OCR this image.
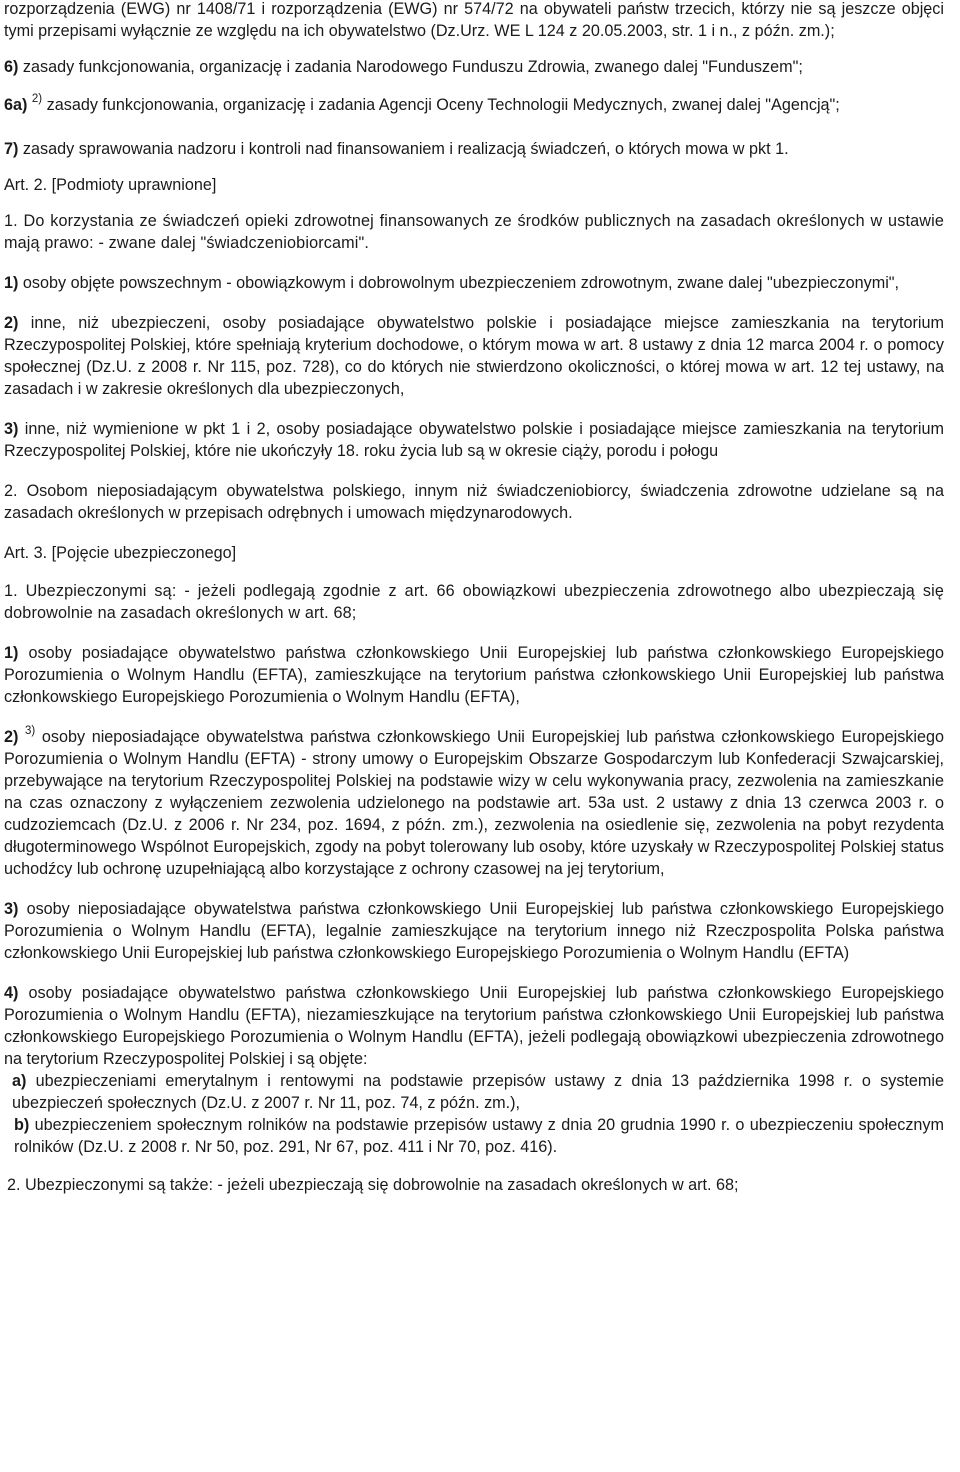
rozporządzenia (EWG) nr 1408/71 i rozporządzenia (EWG) nr 574/72 na obywateli państw trzecich, którzy nie są jeszcze objęci tymi przepisami wyłącznie ze względu na ich obywatelstwo (Dz.Urz. WE L 124 z 20.05.2003, str. 1 i n., z późn. zm.);

6) zasady funkcjonowania, organizację i zadania Narodowego Funduszu Zdrowia, zwanego dalej "Funduszem";

6a) $^{2)}$ zasady funkcjonowania, organizację i zadania Agencji Oceny Technologii Medycznych, zwanej dalej "Agencją";

7) zasady sprawowania nadzoru i kontroli nad finansowaniem i realizacją świadczeń, o których mowa w pkt 1.

Art. 2. [Podmioty uprawnione]

1. Do korzystania ze świadczeń opieki zdrowotnej finansowanych ze środków publicznych na zasadach określonych w ustawie mają prawo: - zwane dalej "świadczeniobiorcami".

1) osoby objęte powszechnym - obowiązkowym i dobrowolnym ubezpieczeniem zdrowotnym, zwane dalej "ubezpieczonymi",

2) inne, niż ubezpieczeni, osoby posiadające obywatelstwo polskie i posiadające miejsce zamieszkania na terytorium Rzeczypospolitej Polskiej, które spełniają kryterium dochodowe, o którym mowa w art. 8 ustawy z dnia 12 marca 2004 r. o pomocy społecznej (Dz.U. z 2008 r. Nr 115, poz. 728), co do których nie stwierdzono okoliczności, o której mowa w art. 12 tej ustawy, na zasadach i w zakresie określonych dla ubezpieczonych,

3) inne, niż wymienione w pkt 1 i 2, osoby posiadające obywatelstwo polskie i posiadające miejsce zamieszkania na terytorium Rzeczypospolitej Polskiej, które nie ukończyły 18. roku życia lub są w okresie ciąży, porodu i połogu

2. Osobom nieposiadającym obywatelstwa polskiego, innym niż świadczeniobiorcy, świadczenia zdrowotne udzielane są na zasadach określonych w przepisach odrębnych i umowach międzynarodowych.

Art. 3. [Pojęcie ubezpieczonego]

1. Ubezpieczonymi są: - jeżeli podlegają zgodnie z art. 66 obowiązkowi ubezpieczenia zdrowotnego albo ubezpieczają się dobrowolnie na zasadach określonych w art. 68;

1) osoby posiadające obywatelstwo państwa członkowskiego Unii Europejskiej lub państwa członkowskiego Europejskiego Porozumienia o Wolnym Handlu (EFTA), zamieszkujące na terytorium państwa członkowskiego Unii Europejskiej lub państwa członkowskiego Europejskiego Porozumienia o Wolnym Handlu (EFTA),

2) $^{3)}$ osoby nieposiadające obywatelstwa państwa członkowskiego Unii Europejskiej lub państwa członkowskiego Europejskiego Porozumienia o Wolnym Handlu (EFTA) - strony umowy o Europejskim Obszarze Gospodarczym lub Konfederacji Szwajcarskiej, przebywające na terytorium Rzeczypospolitej Polskiej na podstawie wizy w celu wykonywania pracy, zezwolenia na zamieszkanie na czas oznaczony z wyłączeniem zezwolenia udzielonego na podstawie art. 53a ust. 2 ustawy z dnia 13 czerwca 2003 r. o cudzoziemcach (Dz.U. z 2006 r. Nr 234, poz. 1694, z późn. zm.), zezwolenia na osiedlenie się, zezwolenia na pobyt rezydenta długoterminowego Wspólnot Europejskich, zgody na pobyt tolerowany lub osoby, które uzyskały w Rzeczypospolitej Polskiej status uchodźcy lub ochronę uzupełniającą albo korzystające z ochrony czasowej na jej terytorium,

3) osoby nieposiadające obywatelstwa państwa członkowskiego Unii Europejskiej lub państwa członkowskiego Europejskiego Porozumienia o Wolnym Handlu (EFTA), legalnie zamieszkujące na terytorium innego niż Rzeczpospolita Polska państwa członkowskiego Unii Europejskiej lub państwa członkowskiego Europejskiego Porozumienia o Wolnym Handlu (EFTA)

4) osoby posiadające obywatelstwo państwa członkowskiego Unii Europejskiej lub państwa członkowskiego Europejskiego Porozumienia o Wolnym Handlu (EFTA), niezamieszkujące na terytorium państwa członkowskiego Unii Europejskiej lub państwa członkowskiego Europejskiego Porozumienia o Wolnym Handlu (EFTA), jeżeli podlegają obowiązkowi ubezpieczenia zdrowotnego na terytorium Rzeczypospolitej Polskiej i są objęte:

a) ubezpieczeniami emerytalnym i rentowymi na podstawie przepisów ustawy z dnia 13 października 1998 r. o systemie ubezpieczeń społecznych (Dz.U. z 2007 r. Nr 11, poz. 74, z późn. zm.),

b) ubezpieczeniem społecznym rolników na podstawie przepisów ustawy z dnia 20 grudnia 1990 r. o ubezpieczeniu społecznym rolników (Dz.U. z 2008 r. Nr 50, poz. 291, Nr 67, poz. 411 i Nr 70, poz. 416).

2. Ubezpieczonymi są także: - jeżeli ubezpieczają się dobrowolnie na zasadach określonych w art. 68;
